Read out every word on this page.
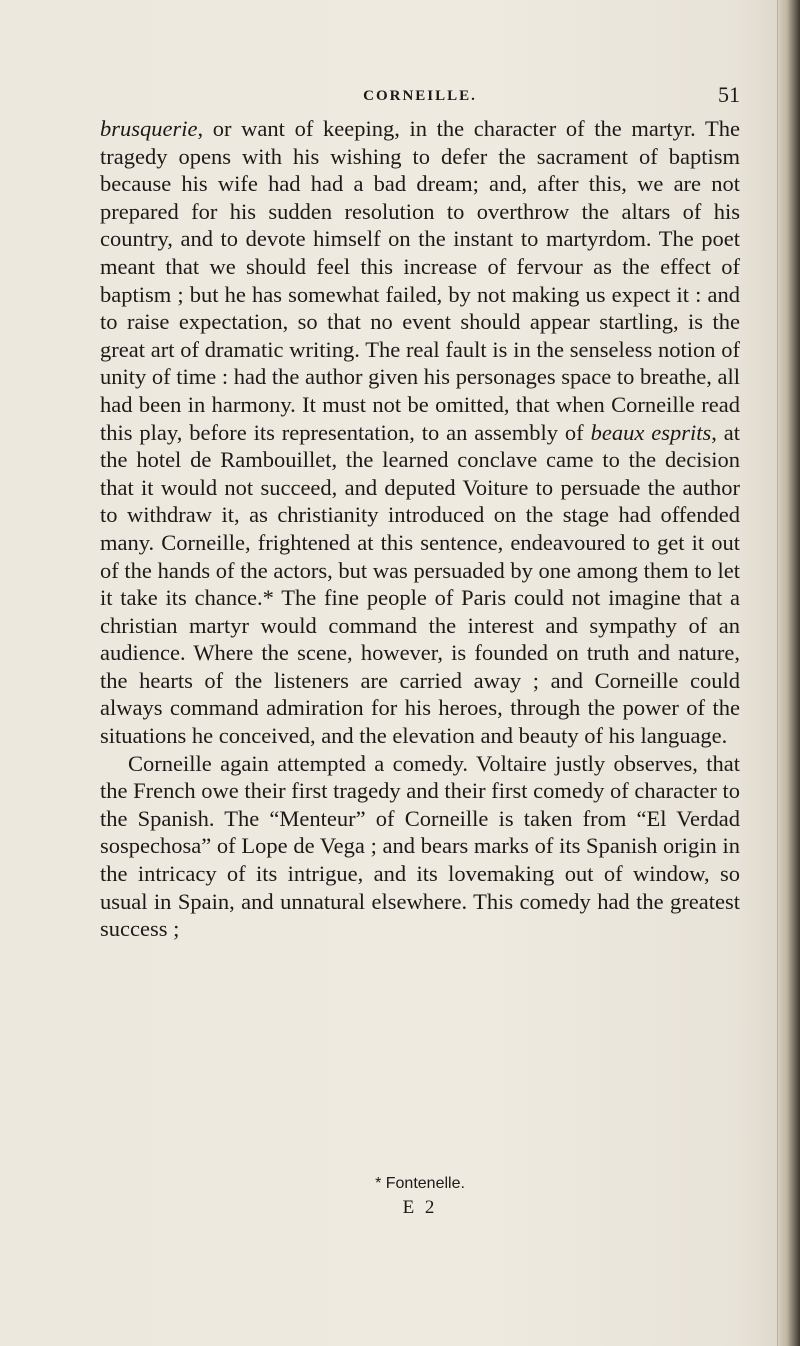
CORNEILLE.	51

brusquerie, or want of keeping, in the character of the martyr. The tragedy opens with his wishing to defer the sacrament of baptism because his wife had had a bad dream; and, after this, we are not prepared for his sudden resolution to overthrow the altars of his country, and to devote himself on the instant to martyrdom. The poet meant that we should feel this increase of fervour as the effect of baptism ; but he has somewhat failed, by not making us expect it : and to raise expectation, so that no event should appear startling, is the great art of dramatic writing. The real fault is in the senseless notion of unity of time : had the author given his personages space to breathe, all had been in harmony. It must not be omitted, that when Corneille read this play, before its representation, to an assembly of beaux esprits, at the hotel de Rambouillet, the learned conclave came to the decision that it would not succeed, and deputed Voiture to persuade the author to withdraw it, as christianity introduced on the stage had offended many. Corneille, frightened at this sentence, endeavoured to get it out of the hands of the actors, but was persuaded by one among them to let it take its chance.* The fine people of Paris could not imagine that a christian martyr would command the interest and sympathy of an audience. Where the scene, however, is founded on truth and nature, the hearts of the listeners are carried away ; and Corneille could always command admiration for his heroes, through the power of the situations he conceived, and the elevation and beauty of his language.

Corneille again attempted a comedy. Voltaire justly observes, that the French owe their first tragedy and their first comedy of character to the Spanish. The “Menteur” of Corneille is taken from “El Verdad sospechosa” of Lope de Vega ; and bears marks of its Spanish origin in the intricacy of its intrigue, and its lovemaking out of window, so usual in Spain, and unnatural elsewhere. This comedy had the greatest success ;

* Fontenelle.
E 2
